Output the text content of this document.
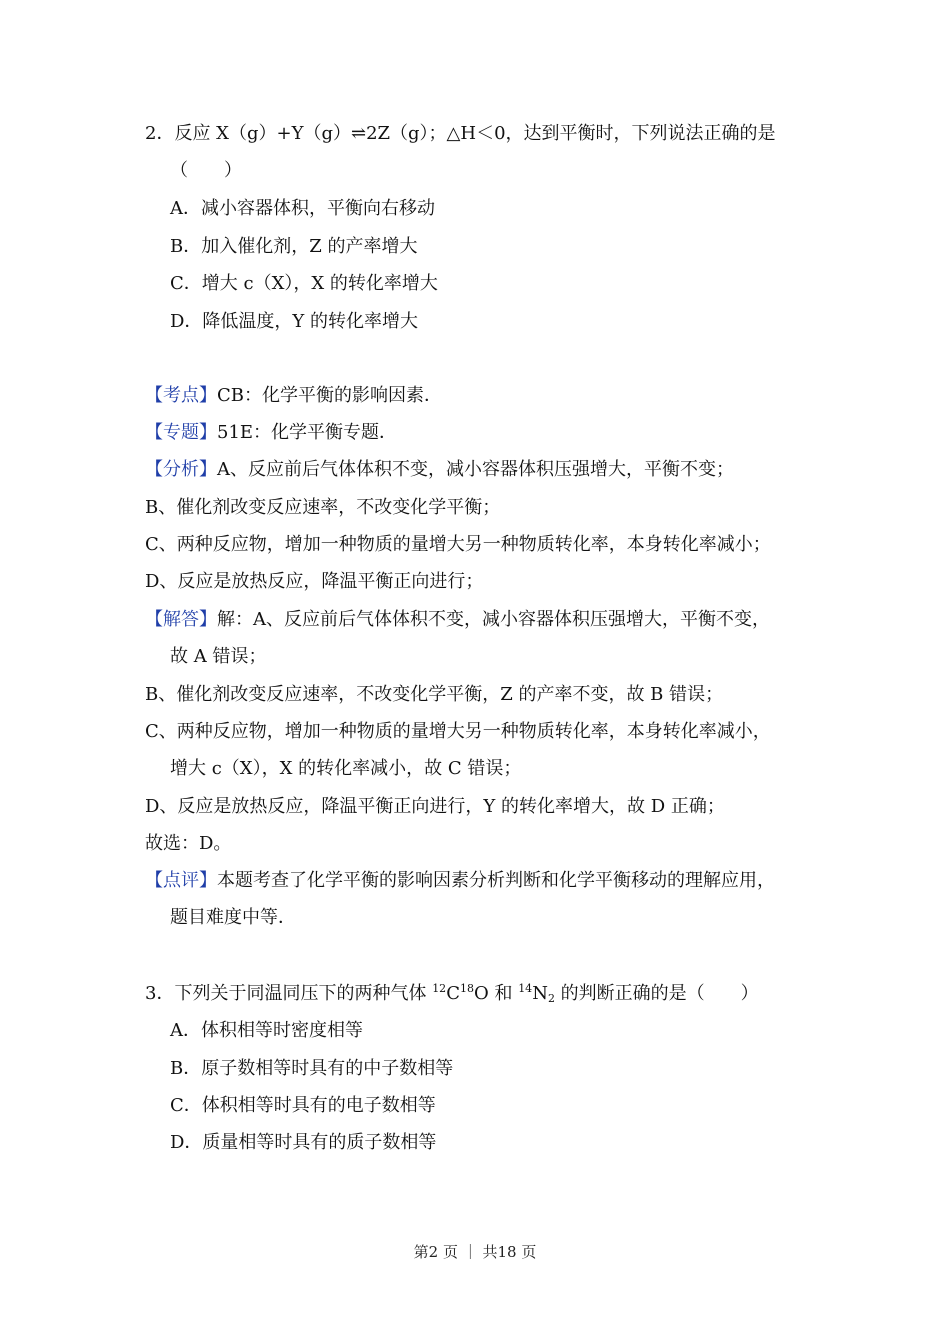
2．反应 X（g）+Y（g）⇌2Z（g）；△H＜0，达到平衡时，下列说法正确的是
（　　）
A．减小容器体积，平衡向右移动
B．加入催化剂，Z 的产率增大
C．增大 c（X），X 的转化率增大
D．降低温度，Y 的转化率增大
【考点】CB：化学平衡的影响因素．
【专题】51E：化学平衡专题．
【分析】A、反应前后气体体积不变，减小容器体积压强增大，平衡不变；
B、催化剂改变反应速率，不改变化学平衡；
C、两种反应物，增加一种物质的量增大另一种物质转化率，本身转化率减小；
D、反应是放热反应，降温平衡正向进行；
【解答】解：A、反应前后气体体积不变，减小容器体积压强增大，平衡不变，
故 A 错误；
B、催化剂改变反应速率，不改变化学平衡，Z 的产率不变，故 B 错误；
C、两种反应物，增加一种物质的量增大另一种物质转化率，本身转化率减小，
增大 c（X），X 的转化率减小，故 C 错误；
D、反应是放热反应，降温平衡正向进行，Y 的转化率增大，故 D 正确；
故选：D。
【点评】本题考查了化学平衡的影响因素分析判断和化学平衡移动的理解应用，
题目难度中等．
3．下列关于同温同压下的两种气体 $^{12}C^{18}O$ 和 $^{14}N_2$ 的判断正确的是（　　）
A．体积相等时密度相等
B．原子数相等时具有的中子数相等
C．体积相等时具有的电子数相等
D．质量相等时具有的质子数相等
第2 页 ｜ 共18 页
